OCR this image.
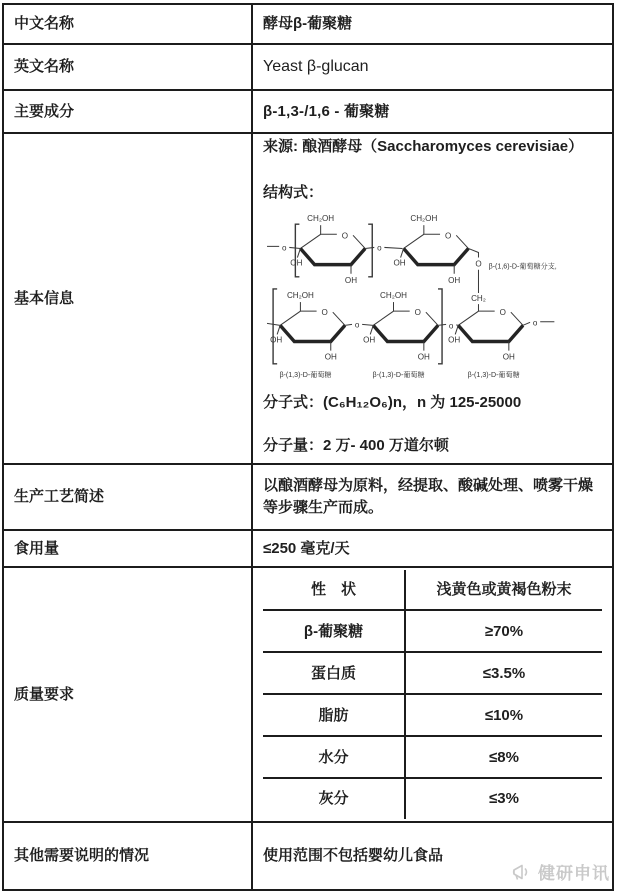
中文名称	酵母β-葡聚糖
英文名称	Yeast β-glucan
主要成分	β-1,3-/1,6 - 葡聚糖
基本信息	
来源: 酿酒酵母（Saccharomyces cerevisiae）
结构式：
O
OH
OH
o
CH₂OH
o
CH₂OH
O
CH₂
β-(1,6)-D-葡萄糖分支,
CH₂OH
o
CH₂OH
o	o
β-(1,3)-D-葡萄糖	β-(1,3)-D-葡萄糖	β-(1,3)-D-葡萄糖
分子式：(C₆H₁₂O₆)n，n 为 125-25000
分子量：2 万- 400 万道尔顿

生产工艺简述	以酿酒酵母为原料，经提取、酸碱处理、喷雾干燥等步骤生产而成。
食用量	≤250 毫克/天
质量要求	
性　状	浅黄色或黄褐色粉末
β-葡聚糖	≥70%
蛋白质	≤3.5%
脂肪	≤10%
水分	≤8%
灰分	≤3%

其他需要说明的情况	使用范围不包括婴幼儿食品
健研申讯
